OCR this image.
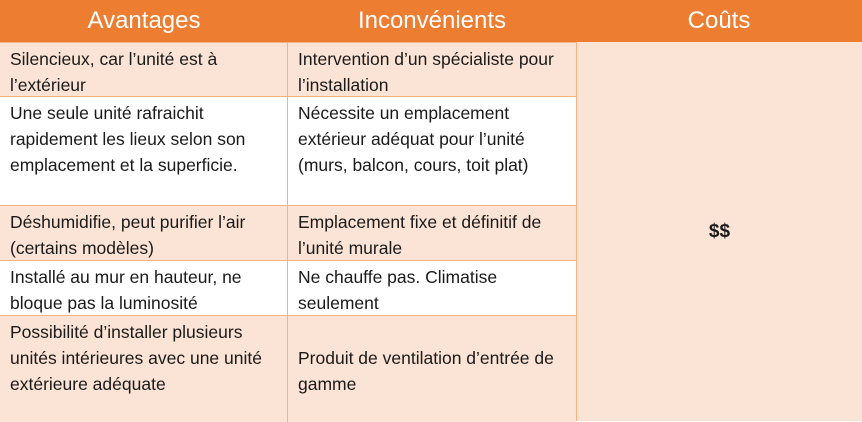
Avantages	Inconvénients	Coûts
Silencieux, car l’unité est à l’extérieur
Intervention d’un spécialiste pour l’installation
Une seule unité rafraichit rapidement les lieux selon son emplacement et la superficie.
Nécessite un emplacement extérieur adéquat pour l’unité (murs, balcon, cours, toit plat)
Déshumidifie, peut purifier l’air (certains modèles)
Emplacement fixe et définitif de l’unité murale
Installé au mur en hauteur, ne bloque pas la luminosité
Ne chauffe pas. Climatise seulement
Possibilité d’installer plusieurs unités intérieures avec une unité extérieure adéquate
Produit de ventilation d’entrée de gamme
$$
